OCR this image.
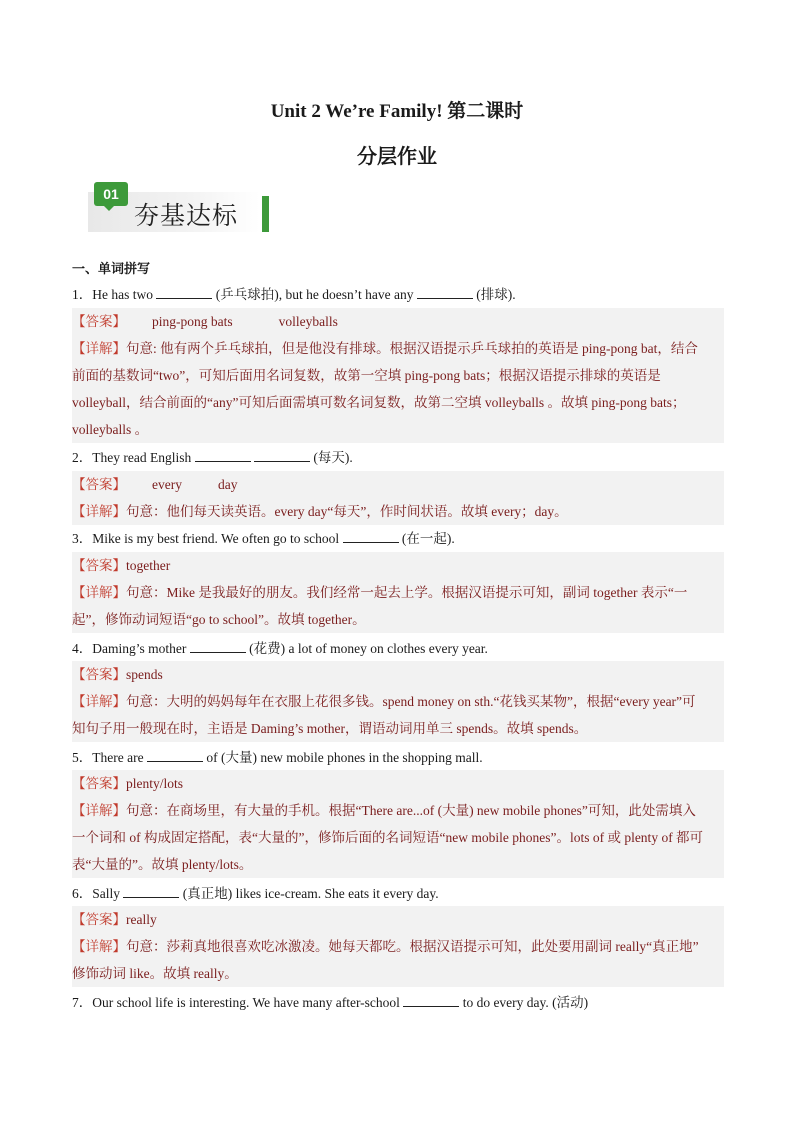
Unit 2 We’re Family! 第二课时
分层作业
01
夯基达标
一、单词拼写
1．He has two	(乒乓球拍), but he doesn’t have any	(排球).
【答案】 ping-pong bats	volleyballs
【详解】句意: 他有两个乒乓球拍，但是他没有排球。根据汉语提示乒乓球拍的英语是 ping-pong bat，结合
前面的基数词“two”，可知后面用名词复数，故第一空填 ping-pong bats；根据汉语提示排球的英语是
volleyball，结合前面的“any”可知后面需填可数名词复数，故第二空填 volleyballs 。故填 ping-pong bats；
volleyballs 。
2．They read English	(每天).
【答案】 every	day
【详解】句意：他们每天读英语。every day“每天”，作时间状语。故填 every；day。
3．Mike is my best friend. We often go to school	(在一起).
【答案】together
【详解】句意：Mike 是我最好的朋友。我们经常一起去上学。根据汉语提示可知，副词 together 表示“一
起”，修饰动词短语“go to school”。故填 together。
4．Daming’s mother	(花费) a lot of money on clothes every year.
【答案】spends
【详解】句意：大明的妈妈每年在衣服上花很多钱。spend money on sth.“花钱买某物”，根据“every year”可
知句子用一般现在时，主语是 Daming’s mother，谓语动词用单三 spends。故填 spends。
5．There are	of (大量) new mobile phones in the shopping mall.
【答案】plenty/lots
【详解】句意：在商场里，有大量的手机。根据“There are...of (大量) new mobile phones”可知，此处需填入
一个词和 of 构成固定搭配，表“大量的”，修饰后面的名词短语“new mobile phones”。lots of 或 plenty of 都可
表“大量的”。故填 plenty/lots。
6．Sally	(真正地) likes ice-cream. She eats it every day.
【答案】really
【详解】句意：莎莉真地很喜欢吃冰激凌。她每天都吃。根据汉语提示可知，此处要用副词 really“真正地”
修饰动词 like。故填 really。
7．Our school life is interesting. We have many after-school	to do every day. (活动)
